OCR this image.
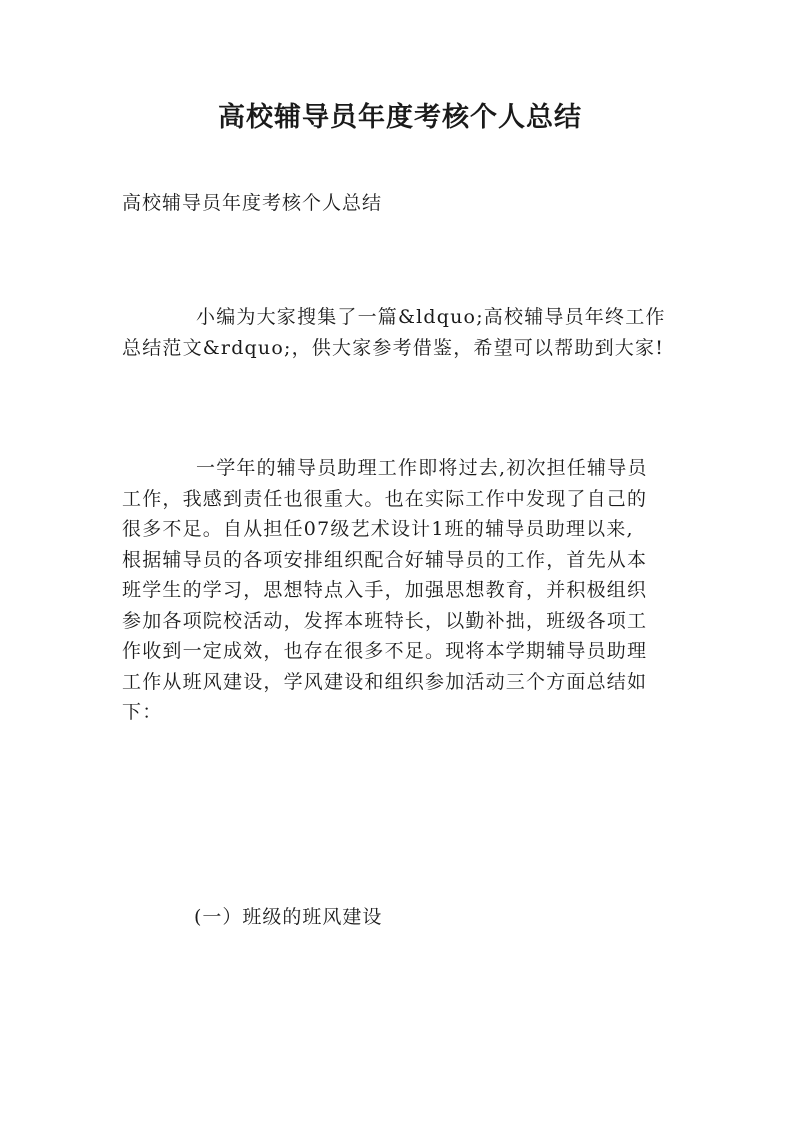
高校辅导员年度考核个人总结
高校辅导员年度考核个人总结
小编为大家搜集了一篇&ldquo;高校辅导员年终工作
总结范文&rdquo;，供大家参考借鉴，希望可以帮助到大家!
一学年的辅导员助理工作即将过去,初次担任辅导员
工作，我感到责任也很重大。也在实际工作中发现了自己的
很多不足。自从担任07级艺术设计1班的辅导员助理以来,
根据辅导员的各项安排组织配合好辅导员的工作，首先从本
班学生的学习，思想特点入手，加强思想教育，并积极组织
参加各项院校活动，发挥本班特长，以勤补拙，班级各项工
作收到一定成效，也存在很多不足。现将本学期辅导员助理
工作从班风建设，学风建设和组织参加活动三个方面总结如
下：
(一）班级的班风建设
